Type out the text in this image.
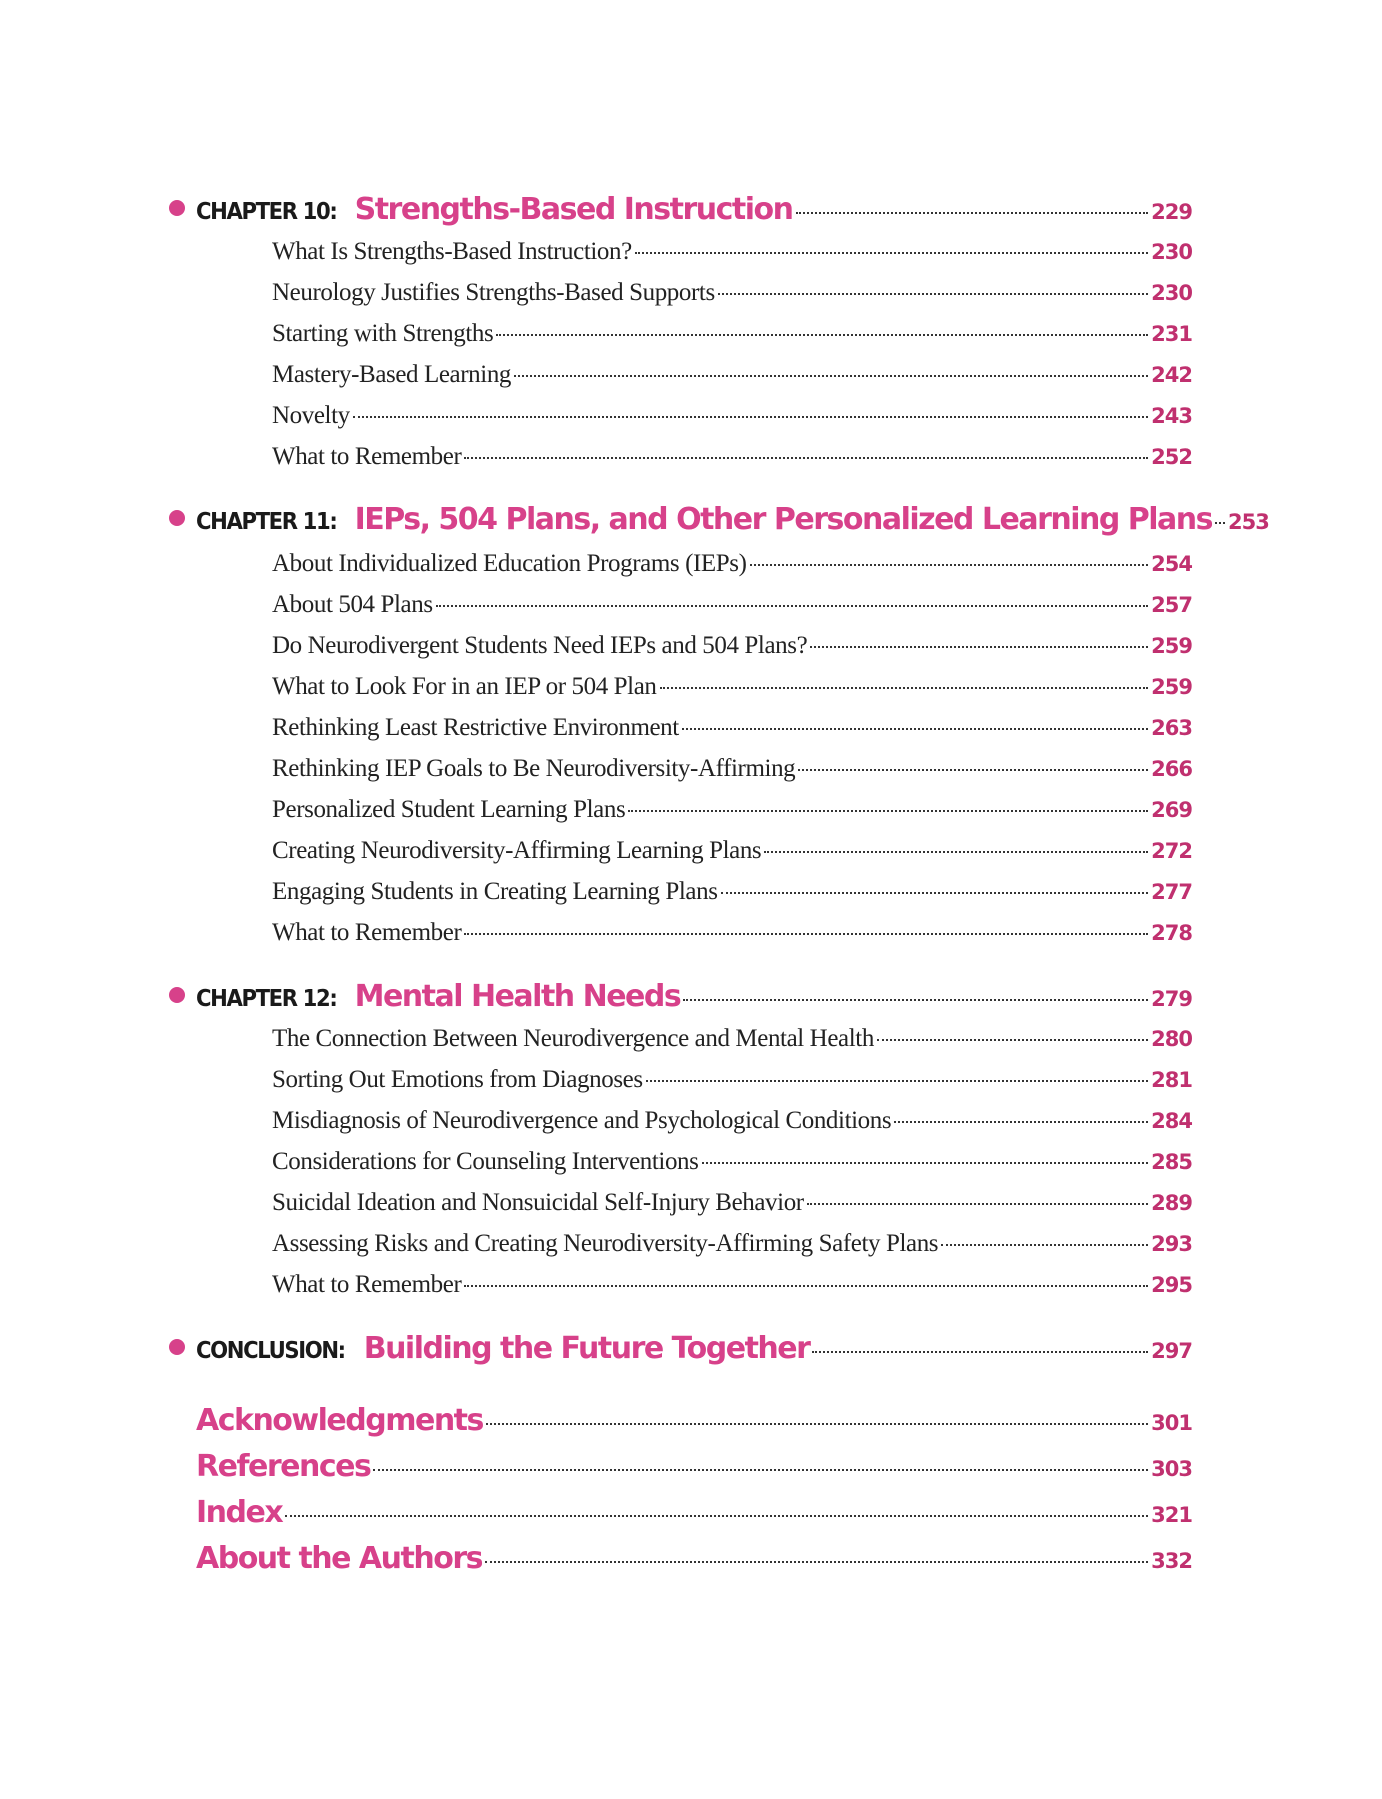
CHAPTER 10: Strengths-Based Instruction	229
What Is Strengths-Based Instruction?	230
Neurology Justifies Strengths-Based Supports	230
Starting with Strengths	231
Mastery-Based Learning	242
Novelty	243
What to Remember	252
CHAPTER 11: IEPs, 504 Plans, and Other Personalized Learning Plans 253
About Individualized Education Programs (IEPs)	254
About 504 Plans	257
Do Neurodivergent Students Need IEPs and 504 Plans?	259
What to Look For in an IEP or 504 Plan	259
Rethinking Least Restrictive Environment	263
Rethinking IEP Goals to Be Neurodiversity-Affirming	266
Personalized Student Learning Plans	269
Creating Neurodiversity-Affirming Learning Plans	272
Engaging Students in Creating Learning Plans	277
What to Remember	278
CHAPTER 12: Mental Health Needs	279
The Connection Between Neurodivergence and Mental Health	280
Sorting Out Emotions from Diagnoses	281
Misdiagnosis of Neurodivergence and Psychological Conditions	284
Considerations for Counseling Interventions	285
Suicidal Ideation and Nonsuicidal Self-Injury Behavior	289
Assessing Risks and Creating Neurodiversity-Affirming Safety Plans	293
What to Remember	295
CONCLUSION: Building the Future Together	297
Acknowledgments	301
References	303
Index	321
About the Authors	332
